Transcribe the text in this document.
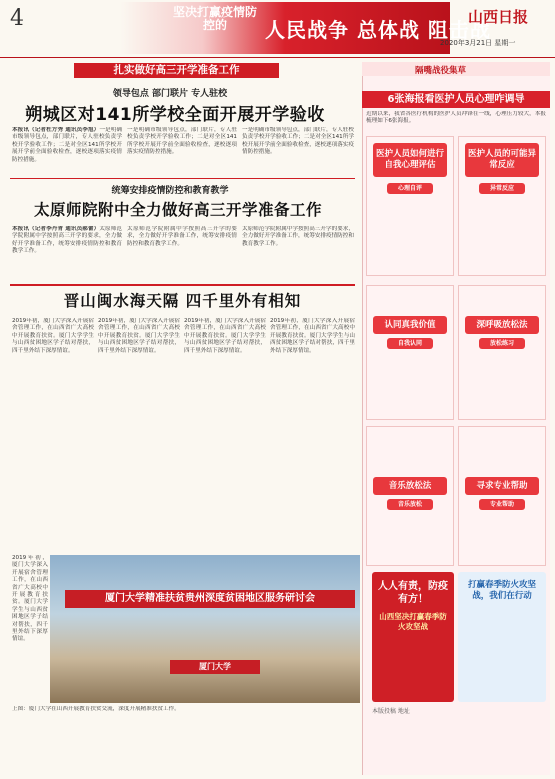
4	坚决打赢疫情防控的	人民战争 总体战 阻击战
山西日报
2020年3月21日 星期一
扎实做好高三开学准备工作
领导包点 部门联片 专人驻校
朔城区对141所学校全面开展开学验收
本报讯（记者杜方秀 通讯员李旭）一是明确市级领导包点，部门联片，专人驻校负责学校开学验收工作；二是对全区141所学校开展开学前全面验收检查，逐校逐项落实疫情防控措施。
一是明确市级领导包点，部门联片，专人驻校负责学校开学验收工作；二是对全区141所学校开展开学前全面验收检查，逐校逐项落实疫情防控措施。
一是明确市级领导包点，部门联片，专人驻校负责学校开学验收工作；二是对全区141所学校开展开学前全面验收检查，逐校逐项落实疫情防控措施。
统筹安排疫情防控和教育教学
太原师院附中全力做好高三开学准备工作
本报讯（记者李丹青 通讯员郝蕾）太原师范学院附属中学按照高三开学的要求，全力做好开学准备工作，统筹安排疫情防控和教育教学工作。
太原师范学院附属中学按照高三开学的要求，全力做好开学准备工作，统筹安排疫情防控和教育教学工作。
太原师范学院附属中学按照高三开学的要求，全力做好开学准备工作，统筹安排疫情防控和教育教学工作。
晋山闽水海天隔 四千里外有相知
2019年初，厦门大学深入开展宿舍管理工作，在山西省广大高校中开展教育扶贫。厦门大学学生与山西贫困地区学子结对帮扶，四千里外结下深厚情谊。
2019年初，厦门大学深入开展宿舍管理工作，在山西省广大高校中开展教育扶贫。厦门大学学生与山西贫困地区学子结对帮扶，四千里外结下深厚情谊。
2019年初，厦门大学深入开展宿舍管理工作，在山西省广大高校中开展教育扶贫。厦门大学学生与山西贫困地区学子结对帮扶，四千里外结下深厚情谊。
2019年初，厦门大学深入开展宿舍管理工作，在山西省广大高校中开展教育扶贫。厦门大学学生与山西贫困地区学子结对帮扶，四千里外结下深厚情谊。
2019年初，厦门大学深入开展宿舍管理工作，在山西省广大高校中开展教育扶贫。厦门大学学生与山西贫困地区学子结对帮扶，四千里外结下深厚情谊。
厦门大学精准扶贫贵州深度贫困地区服务研讨会
厦门大学
上图：厦门大学在山西开展教育扶贫交流，深度开展精准扶贫工作。
隔嘴战役集草
6张海报看医护人员心理咋调导
近期以来，我省各医疗机构的医护人员冲锋在一线，心理压力较大，本报梳理如下6张海报。
医护人员如何进行自我心理评估
心理自评
医护人员的可能异常反应
异常反应
认同真我价值
自我认同
深呼吸放松法
放松练习
音乐放松法
音乐放松
寻求专业帮助
专业帮助
人人有责，防疫有方！
山西坚决打赢春季防火攻坚战
打赢春季防火攻坚战，我们在行动
本版投稿 地址
